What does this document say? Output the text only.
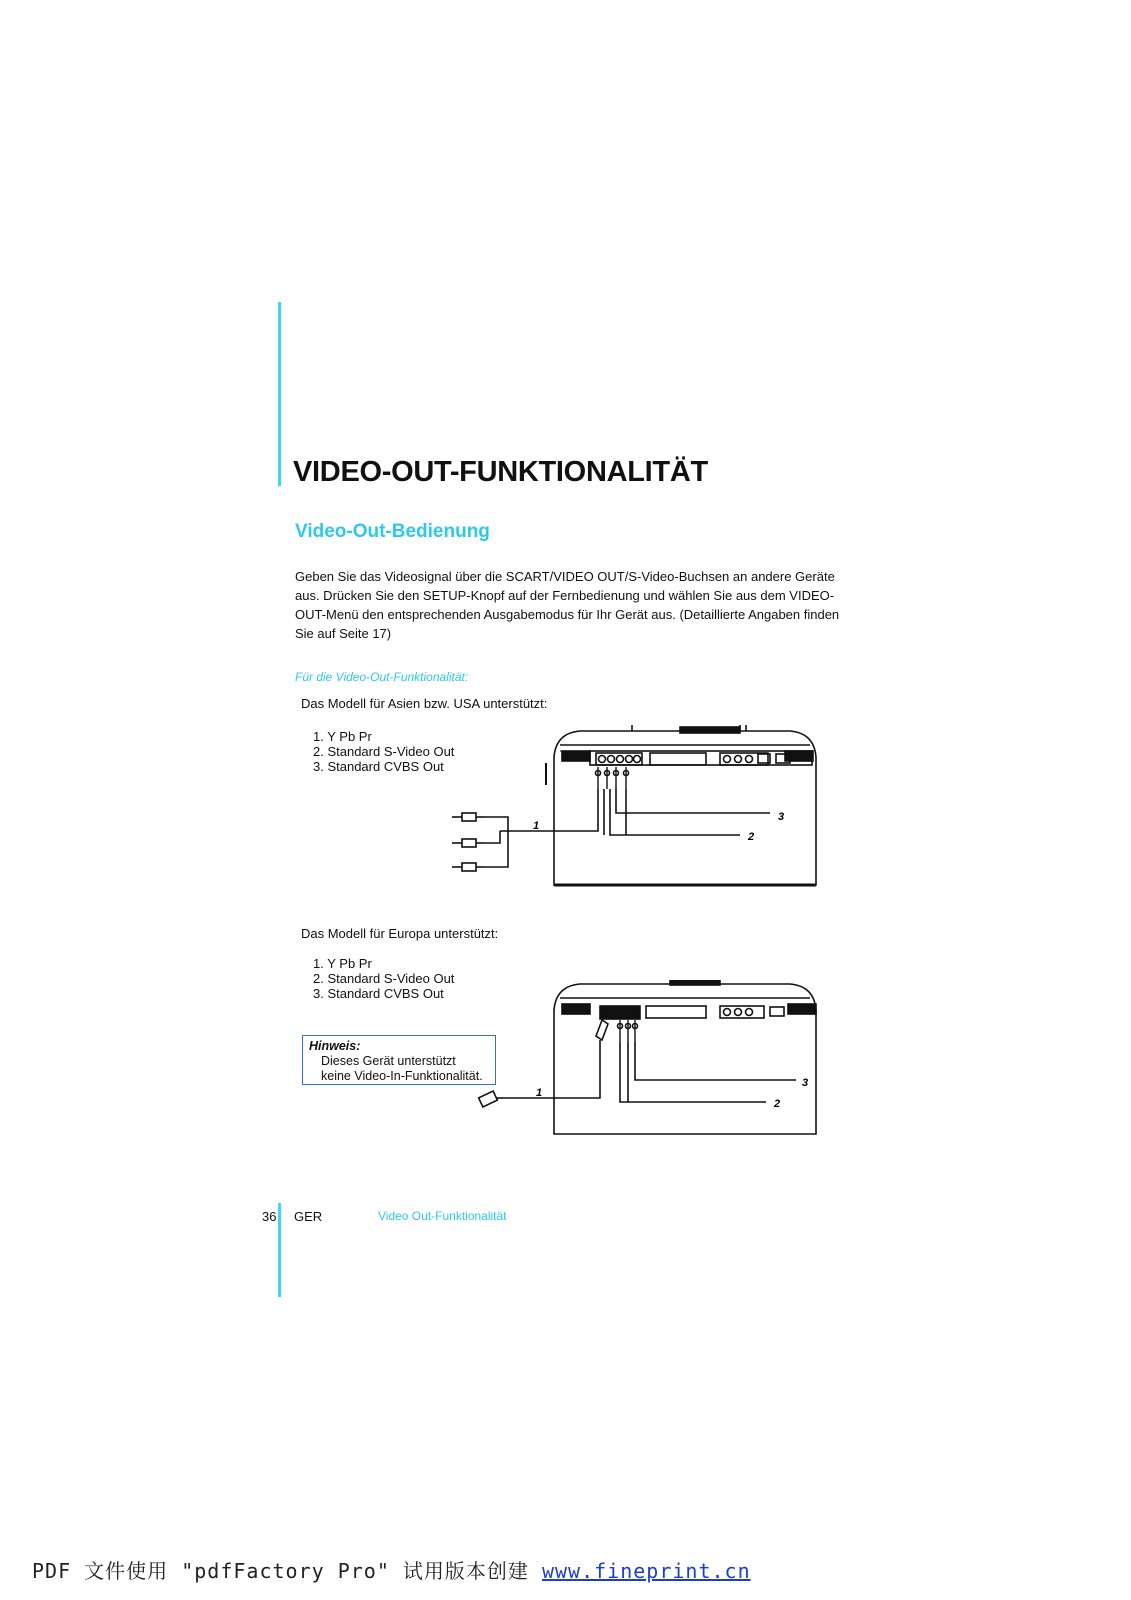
VIDEO-OUT-FUNKTIONALITÄT
Video-Out-Bedienung

Geben Sie das Videosignal über die SCART/VIDEO OUT/S-Video-Buchsen an andere Geräte

aus. Drücken Sie den SETUP-Knopf auf der Fernbedienung und wählen Sie aus dem VIDEO-

OUT-Menü den entsprechenden Ausgabemodus für Ihr Gerät aus. (Detaillierte Angaben finden

Sie auf Seite 17)

Für die Video-Out-Funktionalität:
Das Modell für Asien bzw. USA unterstützt:
1. Y Pb Pr
2. Standard S-Video Out
3. Standard CVBS Out
3
2
1
Das Modell für Europa unterstützt:
1. Y Pb Pr
2. Standard S-Video Out
3. Standard CVBS Out
2
3
1
Hinweis:
Dieses Gerät unterstützt
keine Video-In-Funktionalität.
36 GER	Video Out-Funktionalität
PDF 文件使用 "pdfFactory Pro" 试用版本创建 www.fineprint.cn
